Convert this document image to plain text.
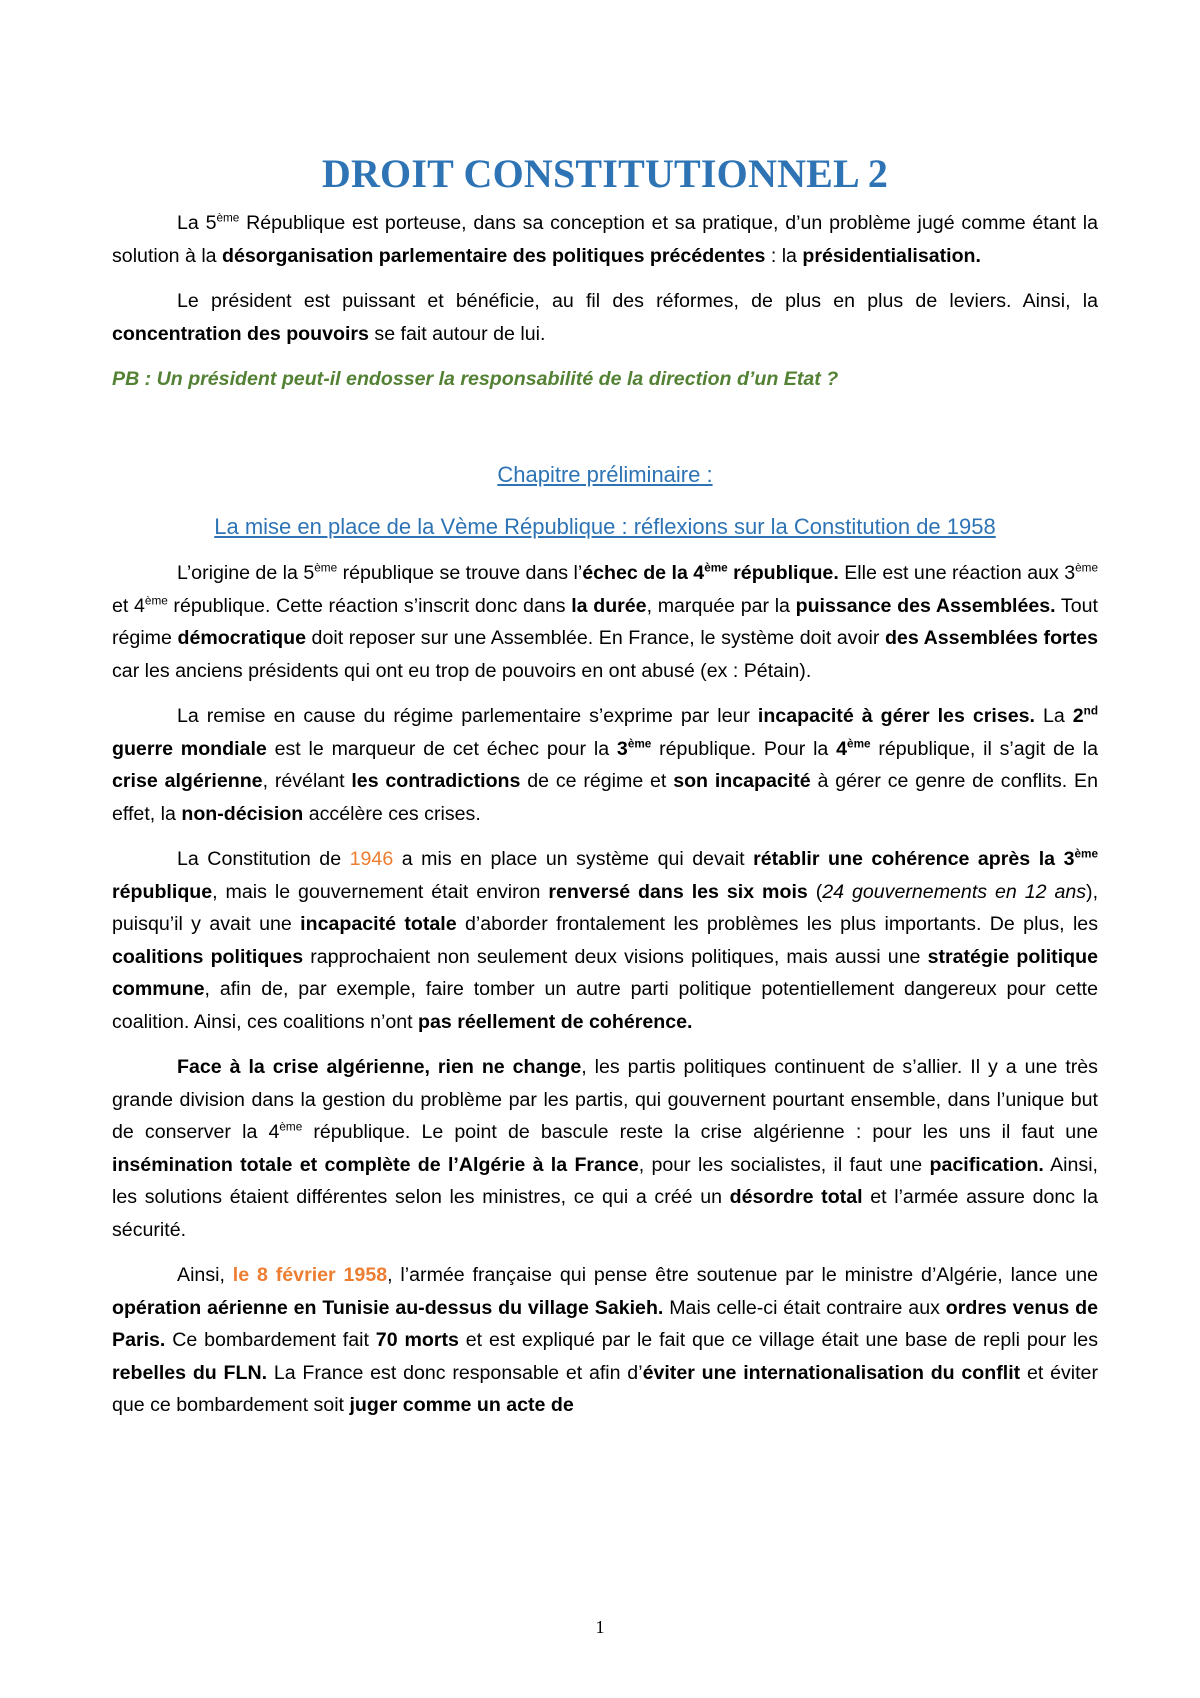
DROIT CONSTITUTIONNEL 2

La 5ème République est porteuse, dans sa conception et sa pratique, d’un problème jugé comme étant la solution à la désorganisation parlementaire des politiques précédentes : la présidentialisation.

Le président est puissant et bénéficie, au fil des réformes, de plus en plus de leviers. Ainsi, la concentration des pouvoirs se fait autour de lui.

PB : Un président peut-il endosser la responsabilité de la direction d’un Etat ?

Chapitre préliminaire :
La mise en place de la Vème République : réflexions sur la Constitution de 1958

L’origine de la 5ème république se trouve dans l’échec de la 4ème république. Elle est une réaction aux 3ème et 4ème république. Cette réaction s’inscrit donc dans la durée, marquée par la puissance des Assemblées. Tout régime démocratique doit reposer sur une Assemblée. En France, le système doit avoir des Assemblées fortes car les anciens présidents qui ont eu trop de pouvoirs en ont abusé (ex : Pétain).

La remise en cause du régime parlementaire s’exprime par leur incapacité à gérer les crises. La 2nd guerre mondiale est le marqueur de cet échec pour la 3ème république. Pour la 4ème république, il s’agit de la crise algérienne, révélant les contradictions de ce régime et son incapacité à gérer ce genre de conflits. En effet, la non-décision accélère ces crises.

La Constitution de 1946 a mis en place un système qui devait rétablir une cohérence après la 3ème république, mais le gouvernement était environ renversé dans les six mois (24 gouvernements en 12 ans), puisqu’il y avait une incapacité totale d’aborder frontalement les problèmes les plus importants. De plus, les coalitions politiques rapprochaient non seulement deux visions politiques, mais aussi une stratégie politique commune, afin de, par exemple, faire tomber un autre parti politique potentiellement dangereux pour cette coalition. Ainsi, ces coalitions n’ont pas réellement de cohérence.

Face à la crise algérienne, rien ne change, les partis politiques continuent de s’allier. Il y a une très grande division dans la gestion du problème par les partis, qui gouvernent pourtant ensemble, dans l’unique but de conserver la 4ème république. Le point de bascule reste la crise algérienne : pour les uns il faut une insémination totale et complète de l’Algérie à la France, pour les socialistes, il faut une pacification. Ainsi, les solutions étaient différentes selon les ministres, ce qui a créé un désordre total et l’armée assure donc la sécurité.

Ainsi, le 8 février 1958, l’armée française qui pense être soutenue par le ministre d’Algérie, lance une opération aérienne en Tunisie au-dessus du village Sakieh. Mais celle-ci était contraire aux ordres venus de Paris. Ce bombardement fait 70 morts et est expliqué par le fait que ce village était une base de repli pour les rebelles du FLN. La France est donc responsable et afin d’éviter une internationalisation du conflit et éviter que ce bombardement soit juger comme un acte de

1
